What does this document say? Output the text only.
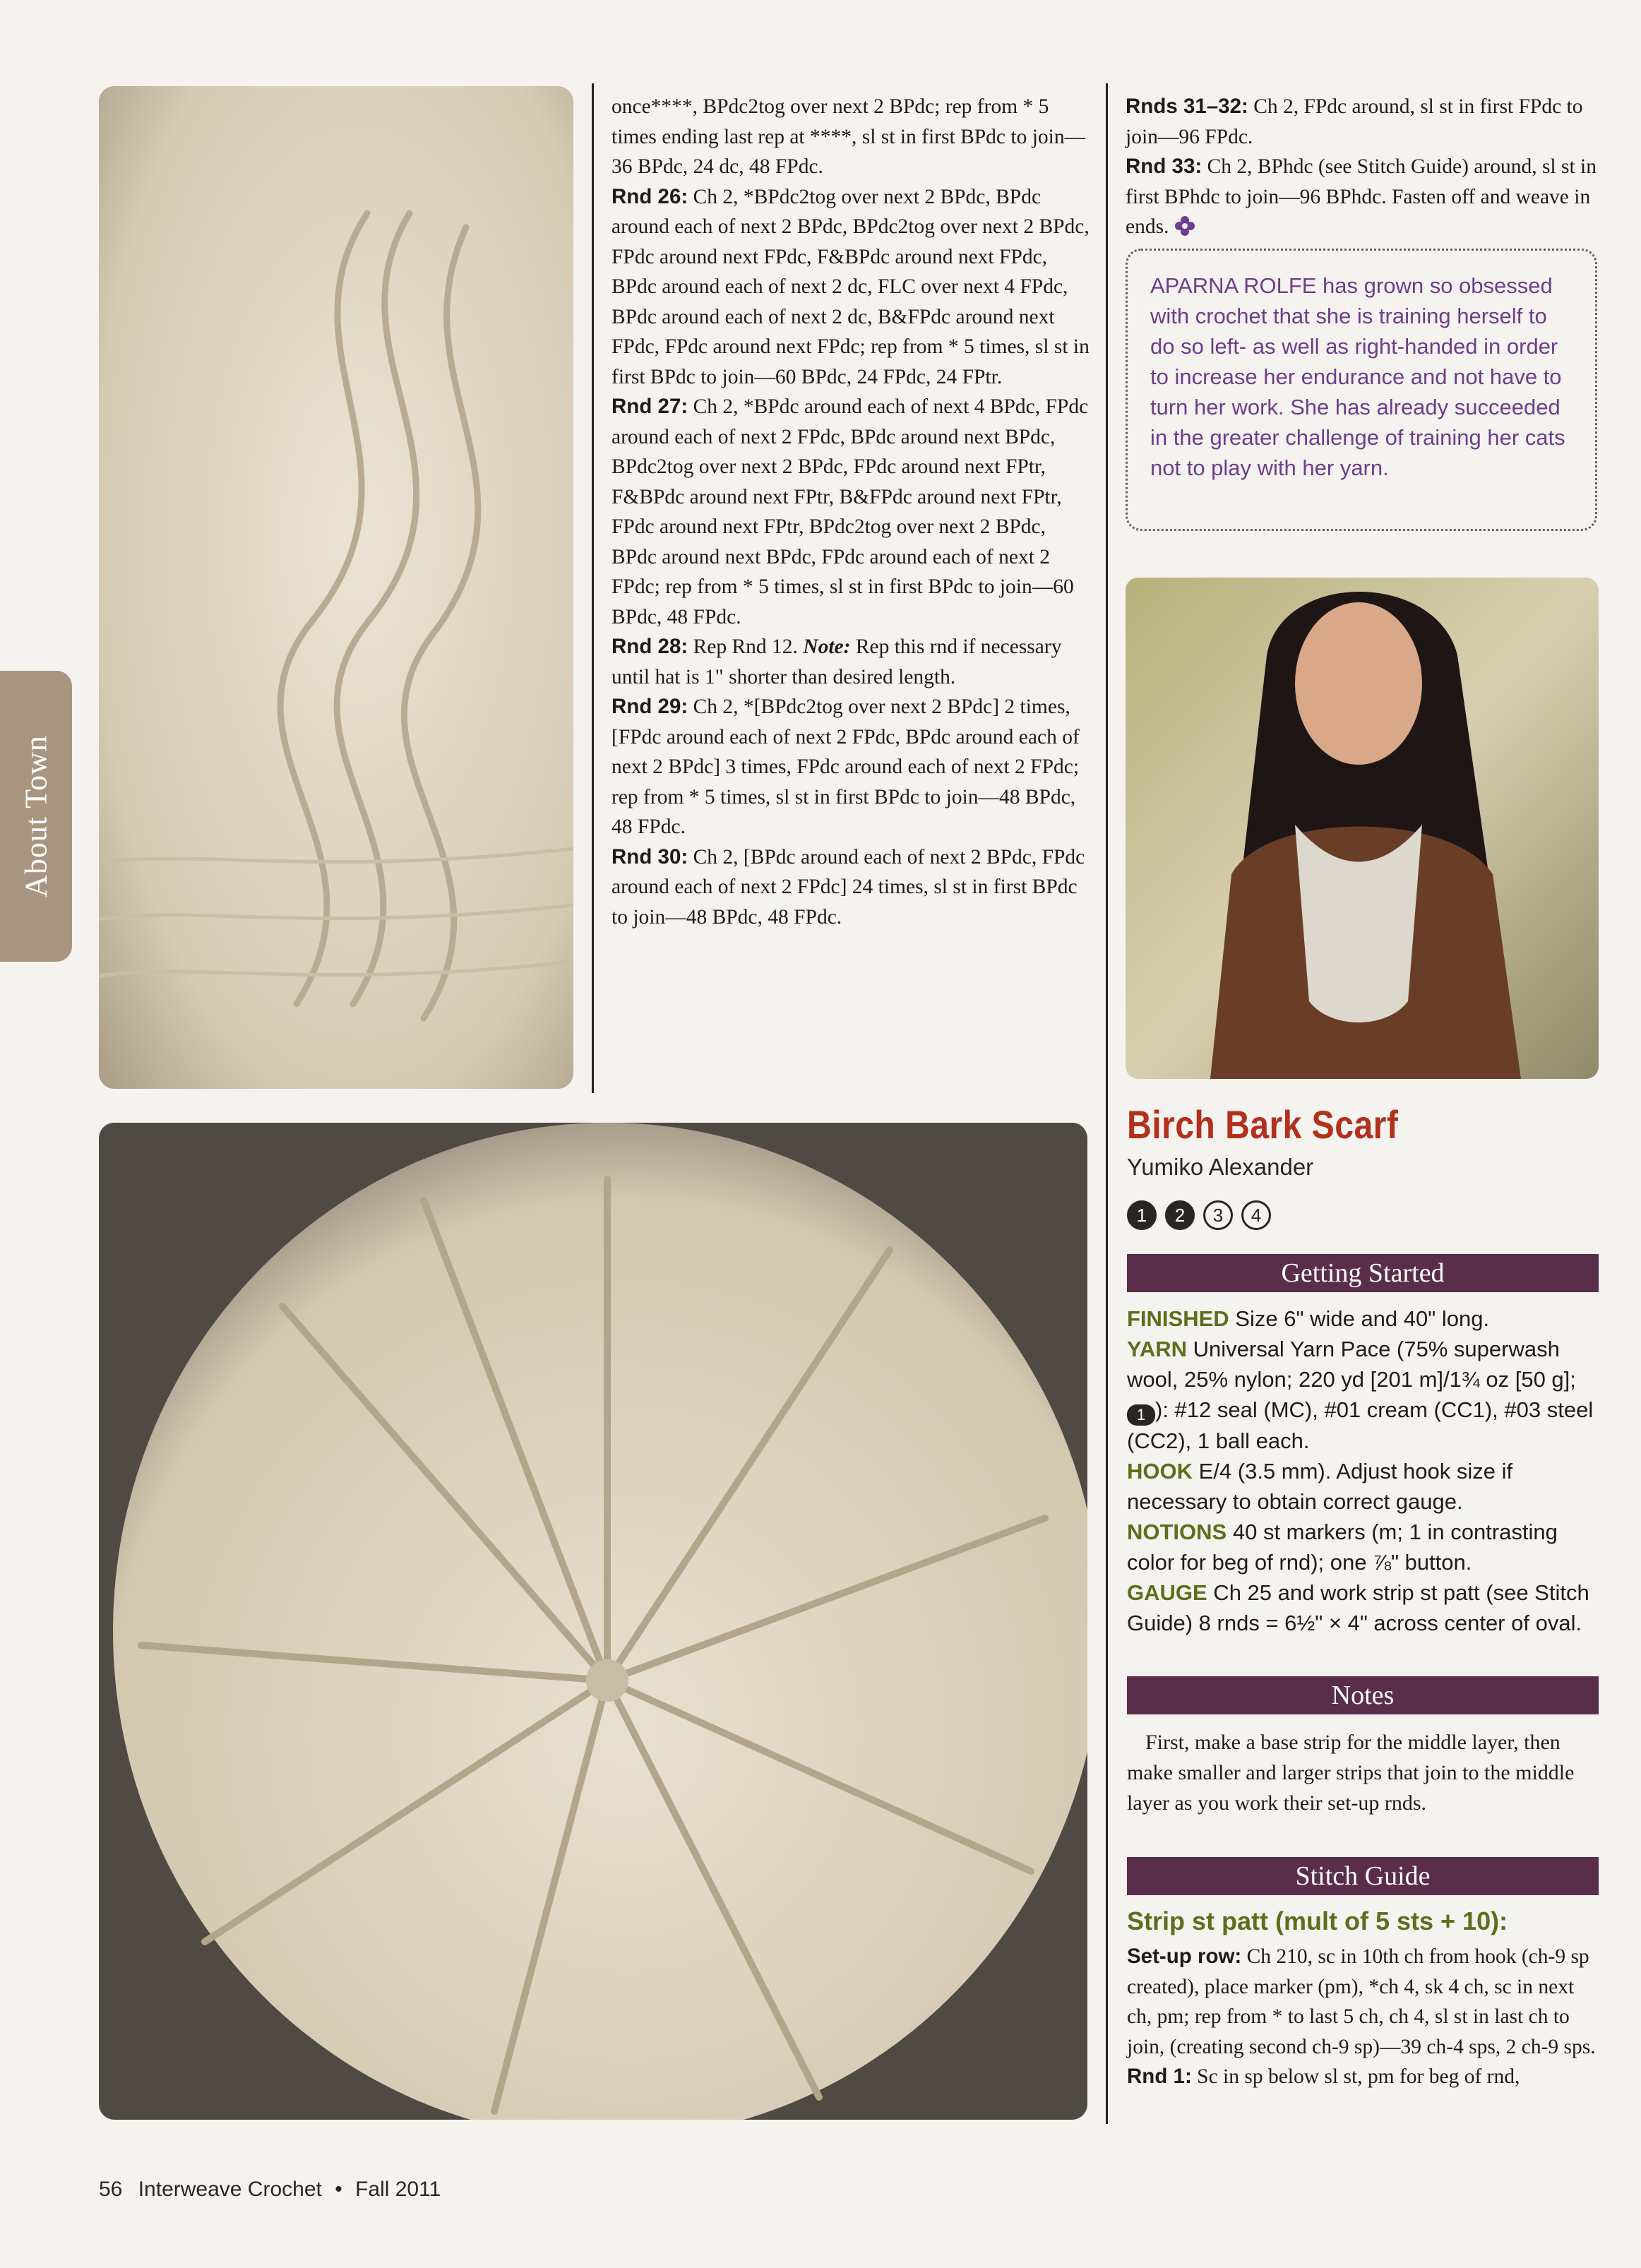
About Town

once****, BPdc2tog over next 2 BPdc; rep from * 5 times ending last rep at ****, sl st in first BPdc to join—36 BPdc, 24 dc, 48 FPdc.

Rnd 26: Ch 2, *BPdc2tog over next 2 BPdc, BPdc around each of next 2 BPdc, BPdc2tog over next 2 BPdc, FPdc around next FPdc, F&BPdc around next FPdc, BPdc around each of next 2 dc, FLC over next 4 FPdc, BPdc around each of next 2 dc, B&FPdc around next FPdc, FPdc around next FPdc; rep from * 5 times, sl st in first BPdc to join—60 BPdc, 24 FPdc, 24 FPtr.

Rnd 27: Ch 2, *BPdc around each of next 4 BPdc, FPdc around each of next 2 FPdc, BPdc around next BPdc, BPdc2tog over next 2 BPdc, FPdc around next FPtr, F&BPdc around next FPtr, B&FPdc around next FPtr, FPdc around next FPtr, BPdc2tog over next 2 BPdc, BPdc around next BPdc, FPdc around each of next 2 FPdc; rep from * 5 times, sl st in first BPdc to join—60 BPdc, 48 FPdc.

Rnd 28: Rep Rnd 12. Note: Rep this rnd if necessary until hat is 1" shorter than desired length.

Rnd 29: Ch 2, *[BPdc2tog over next 2 BPdc] 2 times, [FPdc around each of next 2 FPdc, BPdc around each of next 2 BPdc] 3 times, FPdc around each of next 2 FPdc; rep from * 5 times, sl st in first BPdc to join—48 BPdc, 48 FPdc.

Rnd 30: Ch 2, [BPdc around each of next 2 BPdc, FPdc around each of next 2 FPdc] 24 times, sl st in first BPdc to join—48 BPdc, 48 FPdc.

Rnds 31–32: Ch 2, FPdc around, sl st in first FPdc to join—96 FPdc.

Rnd 33: Ch 2, BPhdc (see Stitch Guide) around, sl st in first BPhdc to join—96 BPhdc. Fasten off and weave in ends.

APARNA ROLFE has grown so obsessed with crochet that she is training herself to do so left- as well as right-handed in order to increase her endurance and not have to turn her work. She has already succeeded in the greater challenge of training her cats not to play with her yarn.

Birch Bark Scarf
Yumiko Alexander
1	2	3	4
Getting Started

FINISHED Size 6" wide and 40" long.

YARN Universal Yarn Pace (75% superwash wool, 25% nylon; 220 yd [201 m]/1¾ oz [50 g]; 1 ): #12 seal (MC), #01 cream (CC1), #03 steel (CC2), 1 ball each.

HOOK E/4 (3.5 mm). Adjust hook size if necessary to obtain correct gauge.

NOTIONS 40 st markers (m; 1 in contrasting color for beg of rnd); one ⅞" button.

GAUGE Ch 25 and work strip st patt (see Stitch Guide) 8 rnds = 6½" × 4" across center of oval.

Notes

First, make a base strip for the middle layer, then make smaller and larger strips that join to the middle layer as you work their set-up rnds.

Stitch Guide
Strip st patt (mult of 5 sts + 10):

Set-up row: Ch 210, sc in 10th ch from hook (ch-9 sp created), place marker (pm), *ch 4, sk 4 ch, sc in next ch, pm; rep from * to last 5 ch, ch 4, sl st in last ch to join, (creating second ch-9 sp)—39 ch-4 sps, 2 ch-9 sps.

Rnd 1: Sc in sp below sl st, pm for beg of rnd,

56 Interweave Crochet • Fall 2011
